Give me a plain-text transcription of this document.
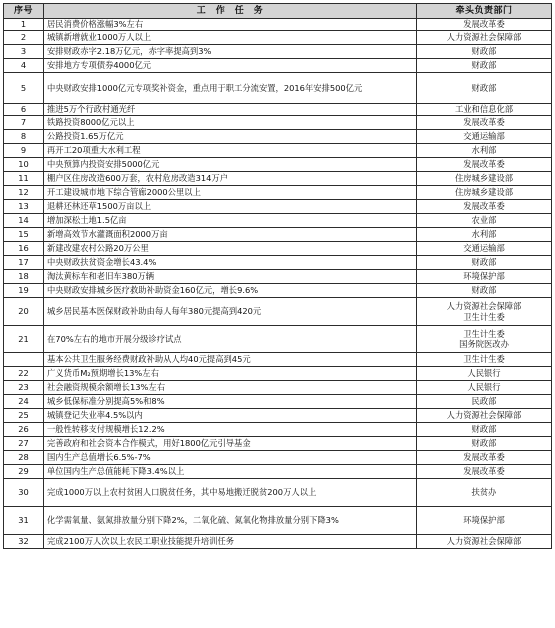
序号	工　作　任　务	牵头负责部门
1	居民消费价格涨幅3%左右	发展改革委

2	城镇新增就业1000万人以上	人力资源社会保障部

3	安排财政赤字2.18万亿元，赤字率提高到3%	财政部

4	安排地方专项债券4000亿元	财政部

5	中央财政安排1000亿元专项奖补资金，重点用于职工分流安置，2016年安排500亿元	财政部

6	推进5万个行政村通光纤	工业和信息化部

7	铁路投资8000亿元以上	发展改革委

8	公路投资1.65万亿元	交通运输部

9	再开工20项重大水利工程	水利部

10	中央预算内投资安排5000亿元	发展改革委

11	棚户区住房改造600万套，农村危房改造314万户	住房城乡建设部

12	开工建设城市地下综合管廊2000公里以上	住房城乡建设部

13	退耕还林还草1500万亩以上	发展改革委

14	增加深松土地1.5亿亩	农业部

15	新增高效节水灌溉面积2000万亩	水利部

16	新建改建农村公路20万公里	交通运输部

17	中央财政扶贫资金增长43.4%	财政部

18	淘汰黄标车和老旧车380万辆	环境保护部

19	中央财政安排城乡医疗救助补助资金160亿元，增长9.6%	财政部

20	城乡居民基本医保财政补助由每人每年380元提高到420元	人力资源社会保障部
卫生计生委

21	在70%左右的地市开展分级诊疗试点	卫生计生委
国务院医改办

	基本公共卫生服务经费财政补助从人均40元提高到45元	卫生计生委

22	广义货币M₂预期增长13%左右	人民银行

23	社会融资规模余额增长13%左右	人民银行

24	城乡低保标准分别提高5%和8%	民政部

25	城镇登记失业率4.5%以内	人力资源社会保障部

26	一般性转移支付规模增长12.2%	财政部

27	完善政府和社会资本合作模式，用好1800亿元引导基金	财政部

28	国内生产总值增长6.5%-7%	发展改革委

29	单位国内生产总值能耗下降3.4%以上	发展改革委

30	完成1000万以上农村贫困人口脱贫任务，其中易地搬迁脱贫200万人以上	扶贫办

31	化学需氧量、氨氮排放量分别下降2%，二氧化硫、氮氧化物排放量分别下降3%	环境保护部

32	完成2100万人次以上农民工职业技能提升培训任务	人力资源社会保障部
